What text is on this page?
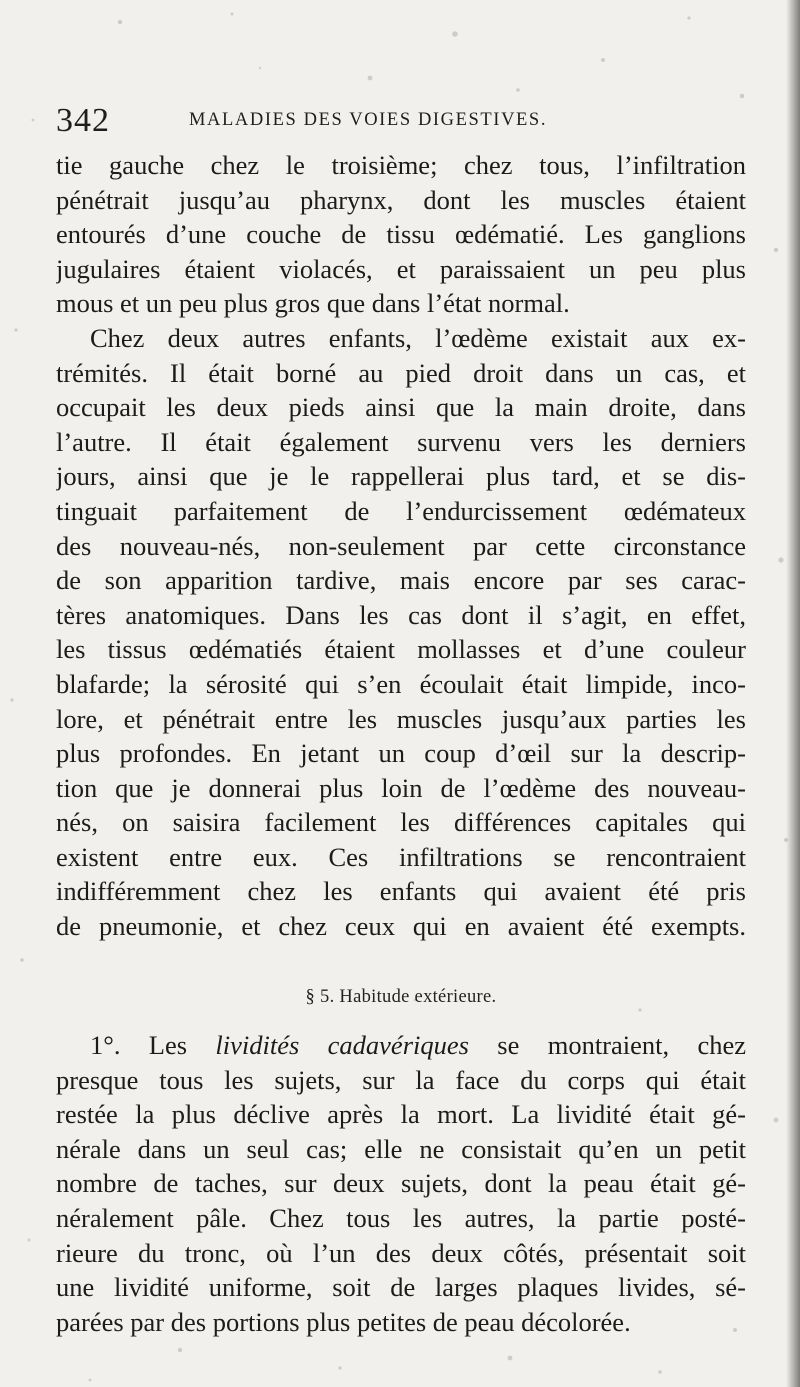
342	MALADIES DES VOIES DIGESTIVES.
tie gauche chez le troisième; chez tous, l’infiltration
pénétrait jusqu’au pharynx, dont les muscles étaient
entourés d’une couche de tissu œdématié. Les ganglions
jugulaires étaient violacés, et paraissaient un peu plus
mous et un peu plus gros que dans l’état normal.
Chez deux autres enfants, l’œdème existait aux ex-
trémités. Il était borné au pied droit dans un cas, et
occupait les deux pieds ainsi que la main droite, dans
l’autre. Il était également survenu vers les derniers
jours, ainsi que je le rappellerai plus tard, et se dis-
tinguait parfaitement de l’endurcissement œdémateux
des nouveau-nés, non-seulement par cette circonstance
de son apparition tardive, mais encore par ses carac-
tères anatomiques. Dans les cas dont il s’agit, en effet,
les tissus œdématiés étaient mollasses et d’une couleur
blafarde; la sérosité qui s’en écoulait était limpide, inco-
lore, et pénétrait entre les muscles jusqu’aux parties les
plus profondes. En jetant un coup d’œil sur la descrip-
tion que je donnerai plus loin de l’œdème des nouveau-
nés, on saisira facilement les différences capitales qui
existent entre eux. Ces infiltrations se rencontraient
indifféremment chez les enfants qui avaient été pris
de pneumonie, et chez ceux qui en avaient été exempts.
§ 5. Habitude extérieure.
1°. Les lividités cadavériques se montraient, chez
presque tous les sujets, sur la face du corps qui était
restée la plus déclive après la mort. La lividité était gé-
nérale dans un seul cas; elle ne consistait qu’en un petit
nombre de taches, sur deux sujets, dont la peau était gé-
néralement pâle. Chez tous les autres, la partie posté-
rieure du tronc, où l’un des deux côtés, présentait soit
une lividité uniforme, soit de larges plaques livides, sé-
parées par des portions plus petites de peau décolorée.
